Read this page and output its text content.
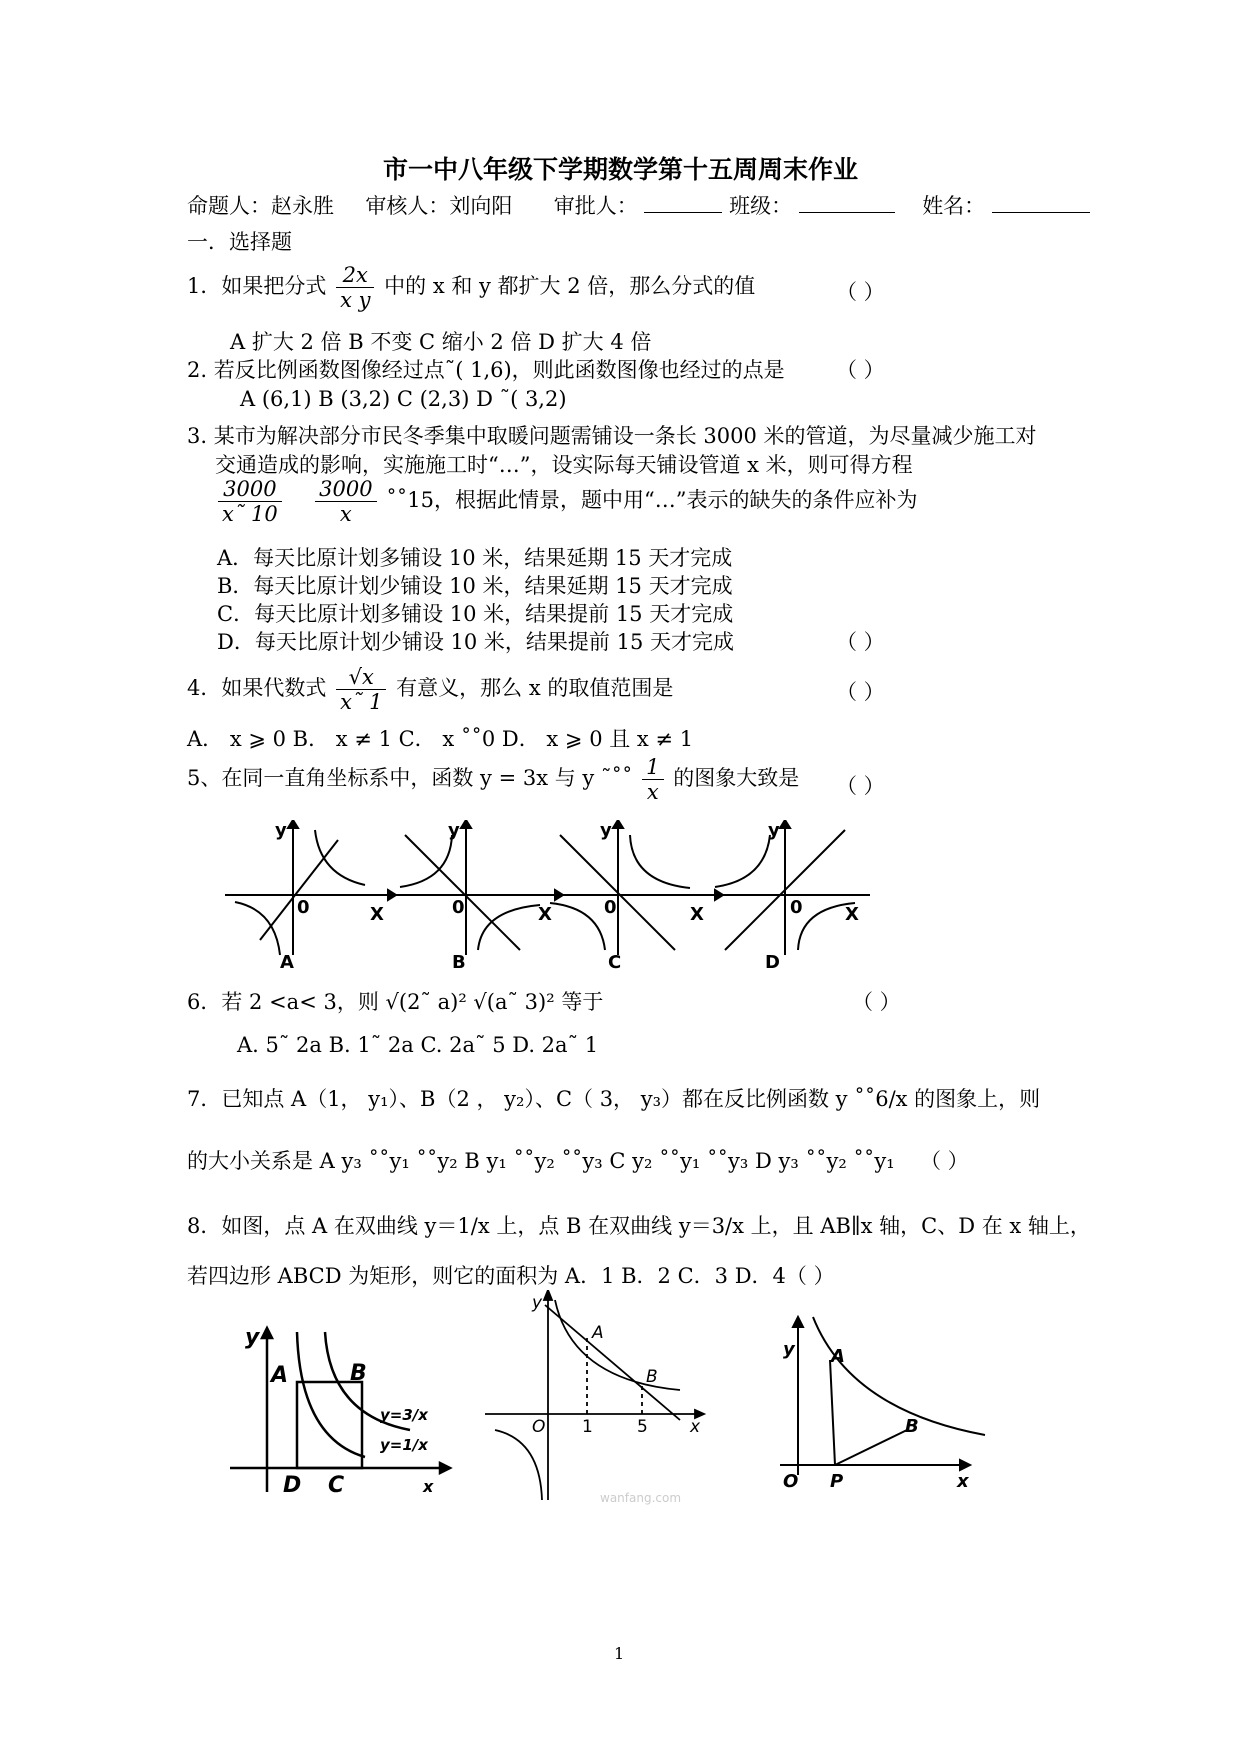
市一中八年级下学期数学第十五周周末作业
命题人：赵永胜 审核人：刘向阳 审批人：	班级：	姓名：
一．选择题
1．如果把分式 $\frac{2x}{\text{x y}}$ 中的 x 和 y 都扩大 2 倍，那么分式的值	（ ）
A 扩大 2 倍 B 不变 C 缩小 2 倍 D 扩大 4 倍
2. 若反比例函数图像经过点˜( 1,6)，则此函数图像也经过的点是 （ ）
A (6,1) B (3,2) C (2,3) D ˜( 3,2)
3. 某市为解决部分市民冬季集中取暖问题需铺设一条长 3000 米的管道，为尽量减少施工对
交通造成的影响，实施施工时“…”，设实际每天铺设管道 x 米，则可得方程
$\frac{3000}{x˜ 10}$
$\frac{3000}{x}$ ˚˚15，根据此情景，题中用“…”表示的缺失的条件应补为
A．每天比原计划多铺设 10 米，结果延期 15 天才完成
B．每天比原计划少铺设 10 米，结果延期 15 天才完成
C．每天比原计划多铺设 10 米，结果提前 15 天才完成
D．每天比原计划少铺设 10 米，结果提前 15 天才完成	（ ）
4．如果代数式 $\frac{√x}{x˜ 1}$ 有意义，那么 x 的取值范围是	（ ）
A． x ⩾ 0 B． x ≠ 1 C． x ˚˚0 D． x ⩾ 0 且 x ≠ 1
5、在同一直角坐标系中，函数 y = 3x 与 y ˜˚˚ $\frac{1}{x}$ 的图象大致是 （ ）
y
0	X
A
y
0	X
B
y
0	X
C
y
0 X
D
6．若 2 <a< 3，则 √(2˜ a)² √(a˜ 3)² 等于	（ ）
A. 5˜ 2a B. 1˜ 2a C. 2a˜ 5 D. 2a˜ 1
7．已知点 A（1， y₁）、B（2 ， y₂）、C（ 3， y₃）都在反比例函数 y ˚˚6/x 的图象上，则
的大小关系是 A y₃ ˚˚y₁ ˚˚y₂ B y₁ ˚˚y₂ ˚˚y₃ C y₂ ˚˚y₁ ˚˚y₃ D y₃ ˚˚y₂ ˚˚y₁ （ ）
8．如图，点 A 在双曲线 y＝1/x 上，点 B 在双曲线 y＝3/x 上，且 AB∥x 轴，C、D 在 x 轴上，
若四边形 ABCD 为矩形，则它的面积为 A．1 B．2 C．3 D．4（ ）
y
A	B
D C	x
y=3/x
y=1/x
y
A
B
O 1	5 x
wanfang.com
y A
B
O P	x
1
